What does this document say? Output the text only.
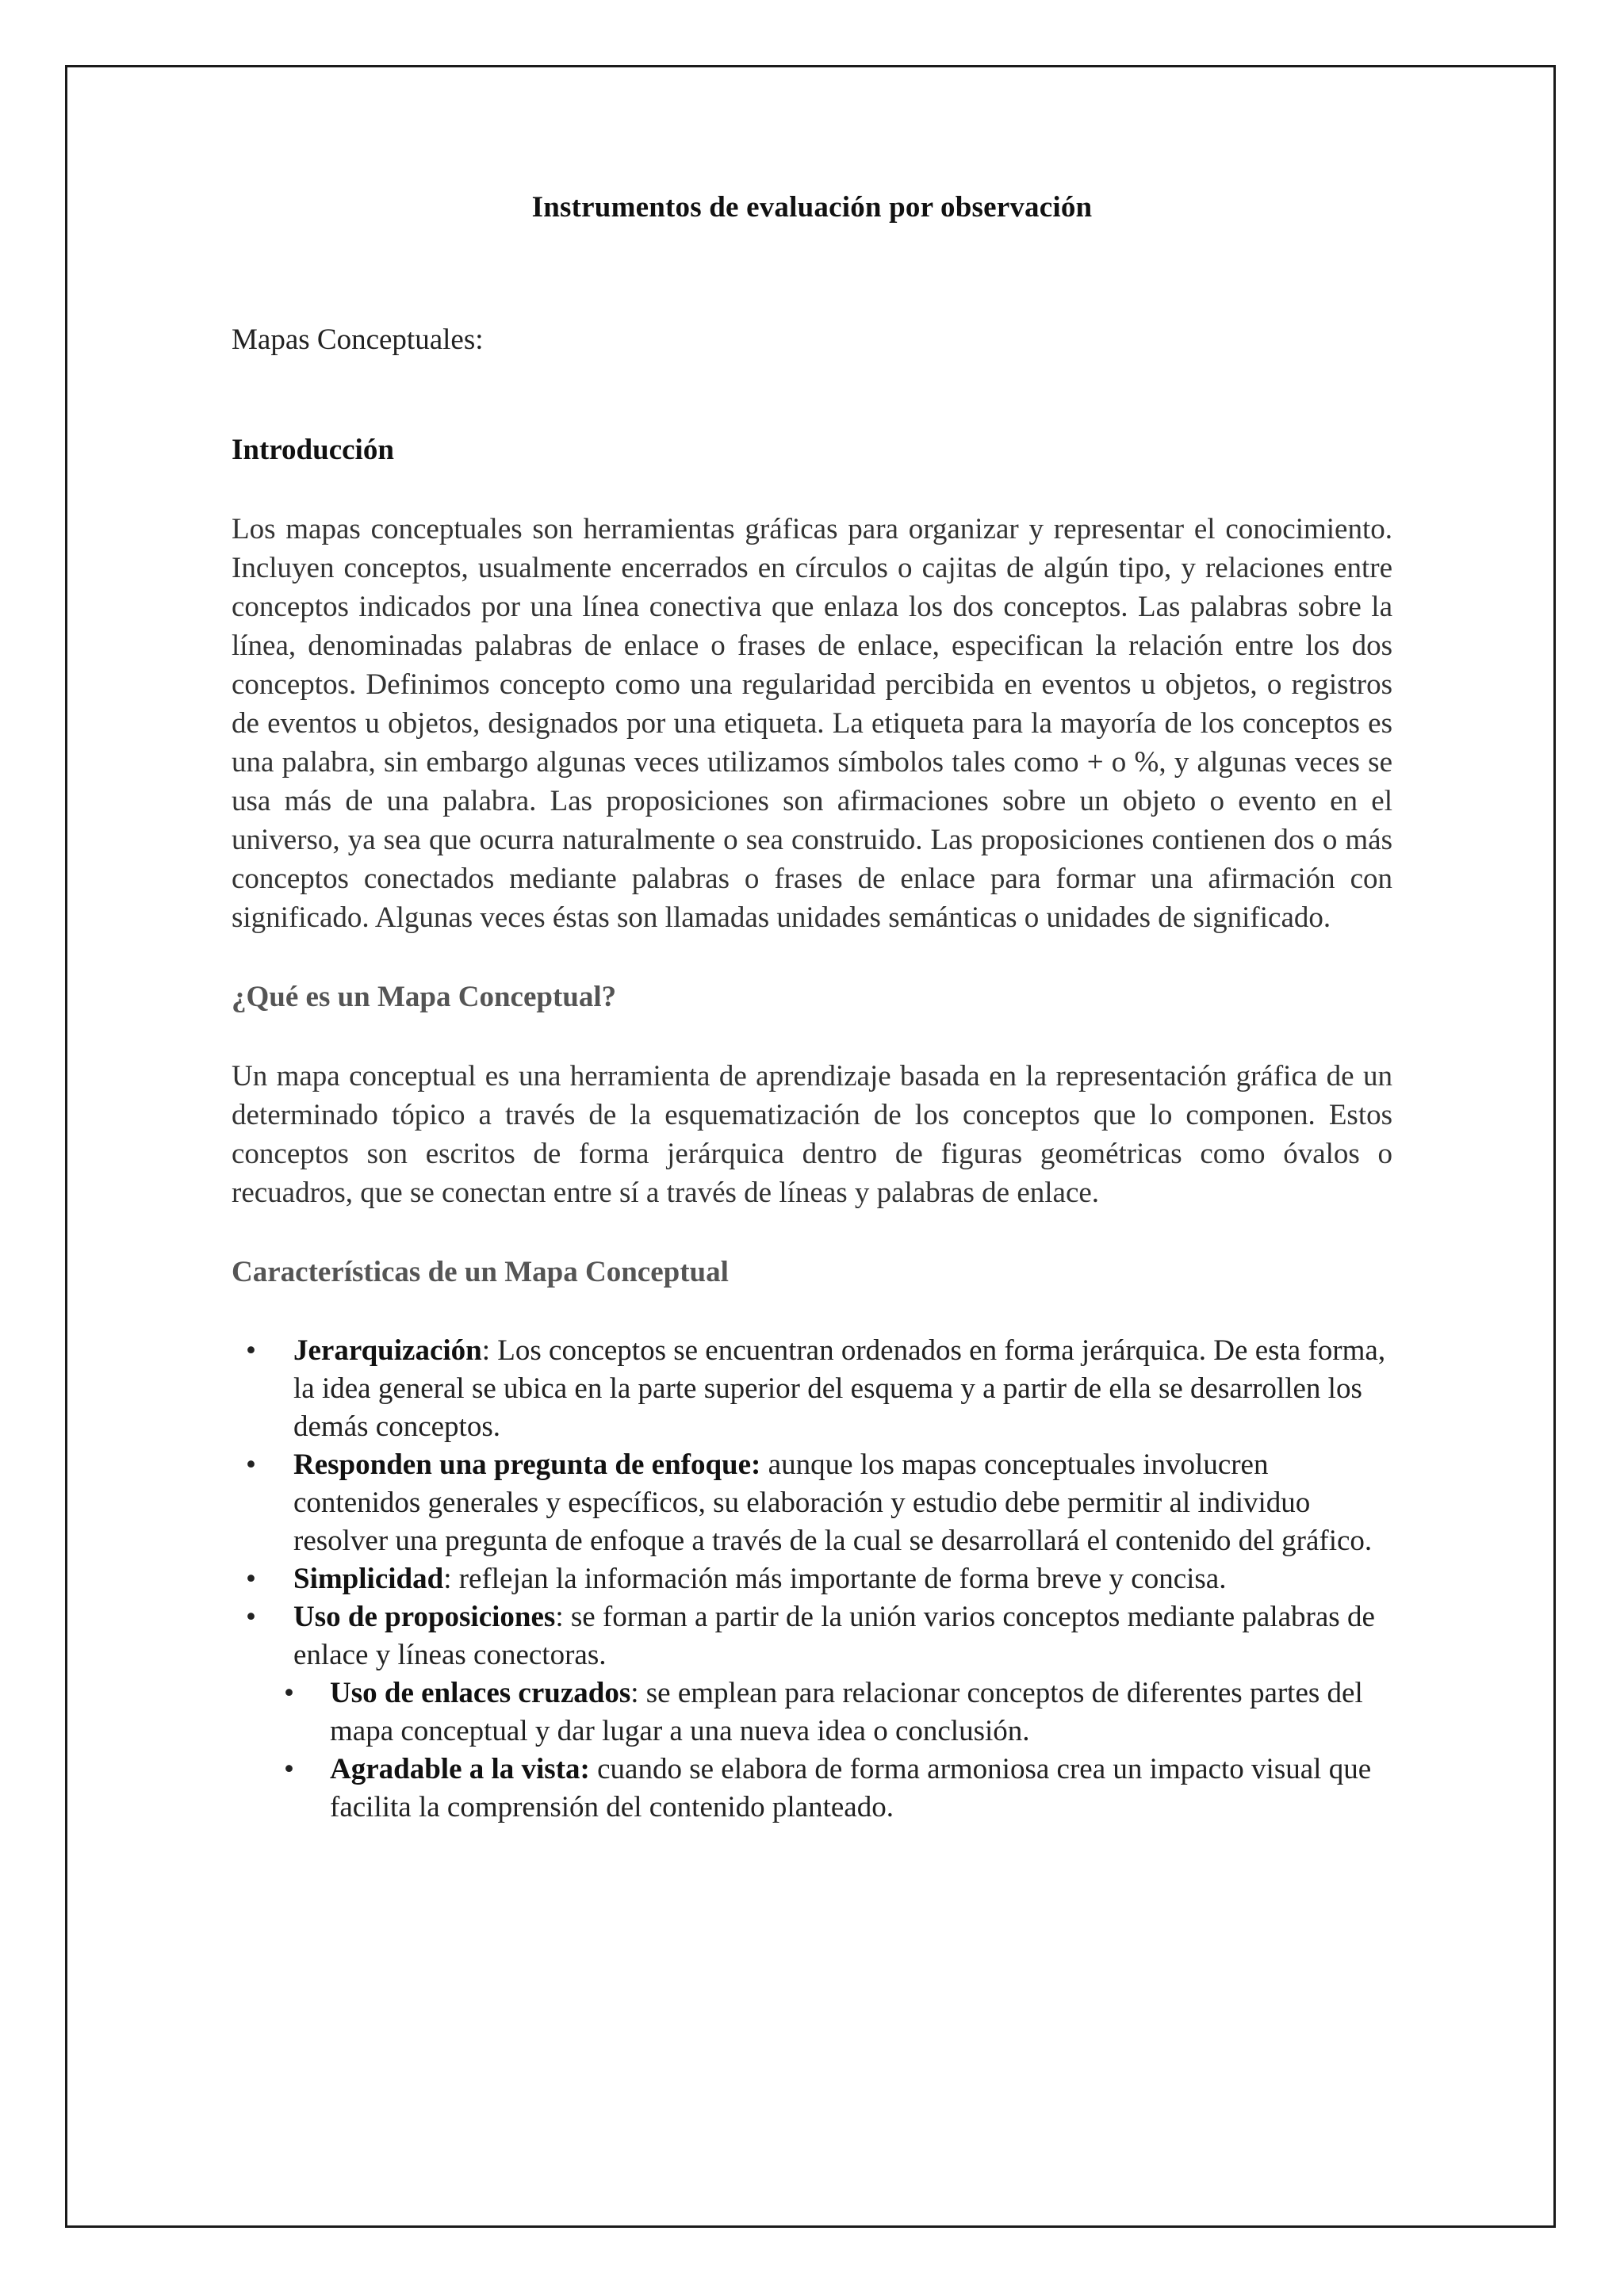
Instrumentos de evaluación por observación
Mapas Conceptuales:
Introducción

Los mapas conceptuales son herramientas gráficas para organizar y representar el conocimiento. Incluyen conceptos, usualmente encerrados en círculos o cajitas de algún tipo, y relaciones entre conceptos indicados por una línea conectiva que enlaza los dos conceptos. Las palabras sobre la línea, denominadas palabras de enlace o frases de enlace, especifican la relación entre los dos conceptos. Definimos concepto como una regularidad percibida en eventos u objetos, o registros de eventos u objetos, designados por una etiqueta. La etiqueta para la mayoría de los conceptos es una palabra, sin embargo algunas veces utilizamos símbolos tales como + o %, y algunas veces se usa más de una palabra. Las proposiciones son afirmaciones sobre un objeto o evento en el universo, ya sea que ocurra naturalmente o sea construido. Las proposiciones contienen dos o más conceptos conectados mediante palabras o frases de enlace para formar una afirmación con significado. Algunas veces éstas son llamadas unidades semánticas o unidades de significado.

¿Qué es un Mapa Conceptual?

Un mapa conceptual es una herramienta de aprendizaje basada en la representación gráfica de un determinado tópico a través de la esquematización de los conceptos que lo componen. Estos conceptos son escritos de forma jerárquica dentro de figuras geométricas como óvalos o recuadros, que se conectan entre sí a través de líneas y palabras de enlace.

Características de un Mapa Conceptual
• Jerarquización: Los conceptos se encuentran ordenados en forma jerárquica. De esta forma, la idea general se ubica en la parte superior del esquema y a partir de ella se desarrollen los demás conceptos.
• Responden una pregunta de enfoque: aunque los mapas conceptuales involucren contenidos generales y específicos, su elaboración y estudio debe permitir al individuo resolver una pregunta de enfoque a través de la cual se desarrollará el contenido del gráfico.
• Simplicidad: reflejan la información más importante de forma breve y concisa.
• Uso de proposiciones: se forman a partir de la unión varios conceptos mediante palabras de enlace y líneas conectoras.
• Uso de enlaces cruzados: se emplean para relacionar conceptos de diferentes partes del mapa conceptual y dar lugar a una nueva idea o conclusión.
• Agradable a la vista: cuando se elabora de forma armoniosa crea un impacto visual que facilita la comprensión del contenido planteado.
